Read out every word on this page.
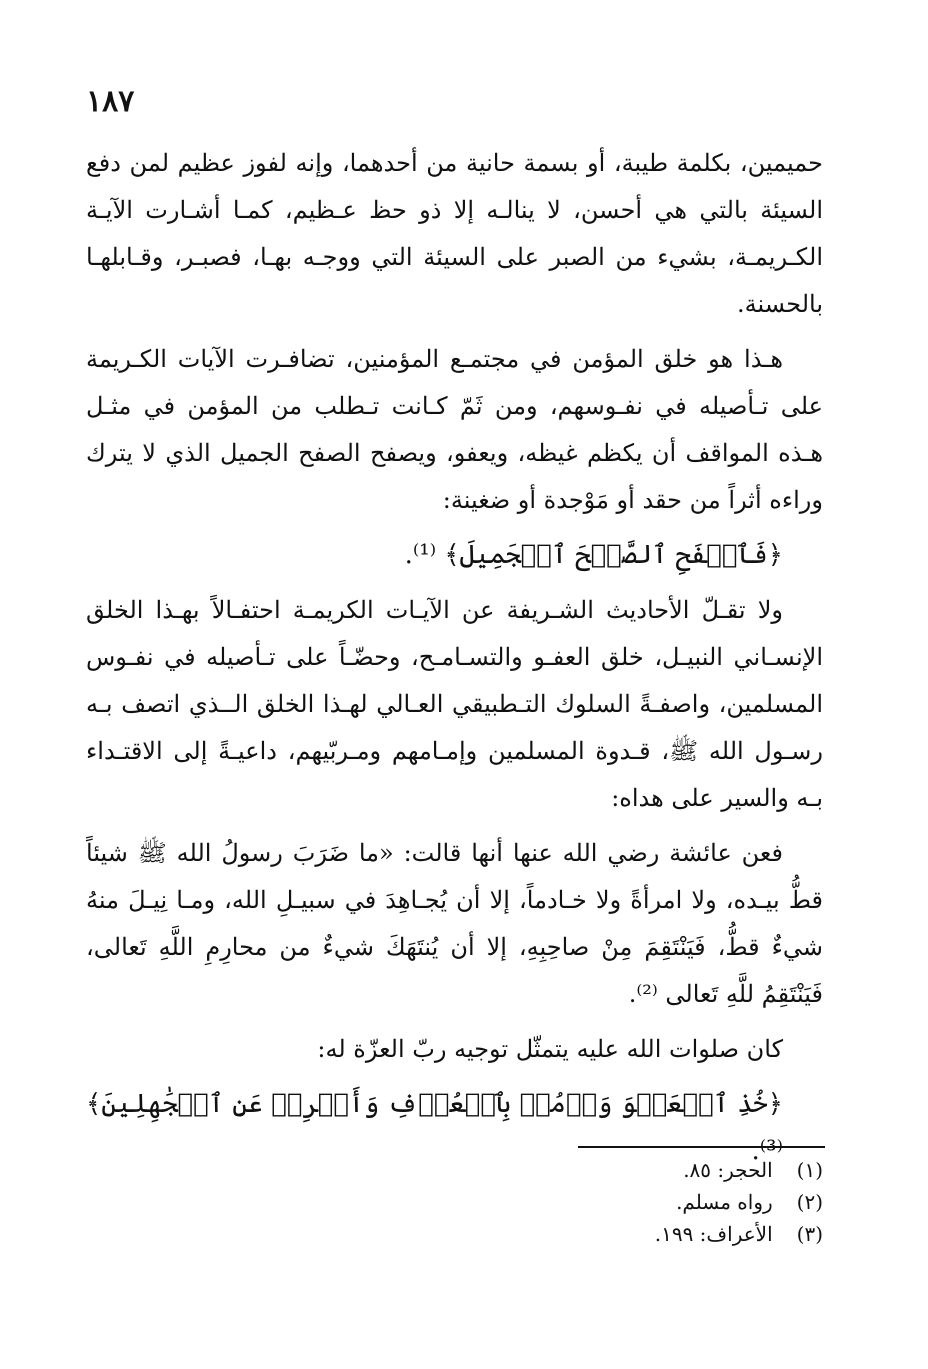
١٨٧

حميمين، بكلمة طيبة، أو بسمة حانية من أحدهما، وإنه لفوز عظيم لمن دفع السيئة بالتي هي أحسن، لا ينالـه إلا ذو حظ عـظيم، كمـا أشـارت الآيـة الكـريمـة، بشيء من الصبر على السيئة التي ووجـه بهـا، فصبـر، وقـابلهـا بالحسنة.

هـذا هو خلق المؤمن في مجتمـع المؤمنين، تضافـرت الآيات الكـريمة على تـأصيله في نفـوسهم، ومن ثَمّ كـانت تـطلب من المؤمن في مثـل هـذه المواقف أن يكظم غيظه، ويعفو، ويصفح الصفح الجميل الذي لا يترك وراءه أثراً من حقد أو مَوْجدة أو ضغينة:

﴿فَٱصۡفَحِ ٱلصَّفۡحَ ٱلۡجَمِيلَ﴾ ⁽¹⁾.

ولا تقـلّ الأحاديث الشـريفة عن الآيـات الكريمـة احتفـالاً بهـذا الخلق الإنسـاني النبيـل، خلق العفـو والتسـامـح، وحضّـاً على تـأصيله في نفـوس المسلمين، واصفـةً السلوك التـطبيقي العـالي لهـذا الخلق الــذي اتصف بـه رسـول الله ﷺ، قـدوة المسلمين وإمـامهم ومـربّيهم، داعيـةً إلى الاقتـداء بـه والسير على هداه:

فعن عائشة رضي الله عنها أنها قالت: «ما ضَرَبَ رسولُ الله ﷺ شيئاً قطُّ بيـده، ولا امرأةً ولا خـادماً، إلا أن يُجـاهِدَ في سبيـلِ الله، ومـا نِيـلَ منهُ شيءٌ قطُّ، فَيَنْتَقِمَ مِنْ صاحِبِهِ، إلا أن يُنتَهَكَ شيءٌ من محارِمِ اللَّهِ تَعالى، فَيَنْتَقِمُ للَّهِ تَعالى ⁽²⁾.

كان صلوات الله عليه يتمثّل توجيه ربّ العزّة له:

﴿خُذِ ٱلۡعَفۡوَ وَأۡمُرۡ بِٱلۡعُرۡفِ وَأَعۡرِضۡ عَنِ ٱلۡجَٰهِلِينَ﴾ ⁽³⁾.

(١) الحجر: ٨٥.
(٢) رواه مسلم.
(٣) الأعراف: ١٩٩.
